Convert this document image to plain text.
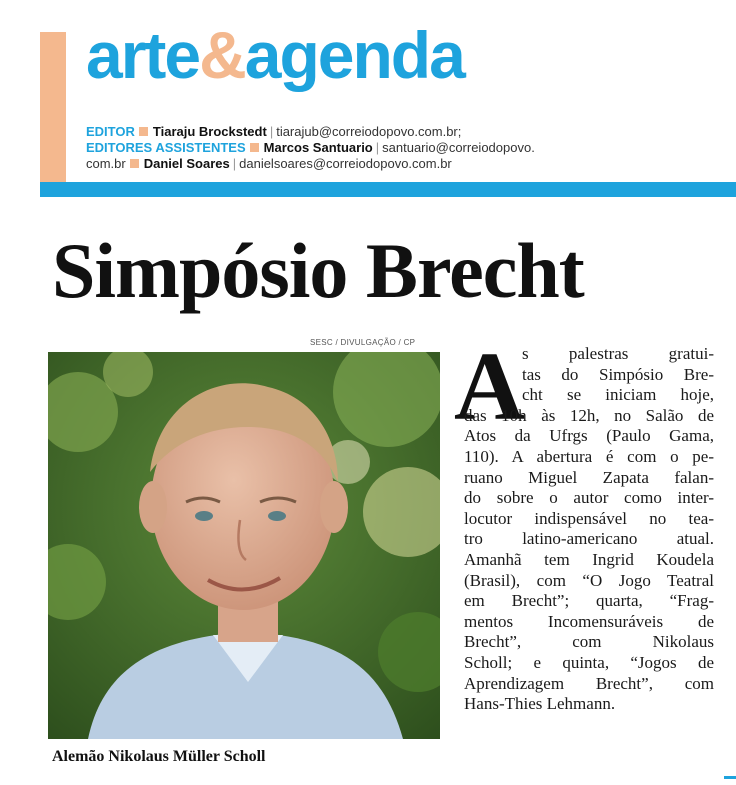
arte&agenda
EDITOR Tiaraju Brockstedt | tiarajub@correiodopovo.com.br;
EDITORES ASSISTENTES Marcos Santuario | santuario@correiodopovo.
com.br Daniel Soares | danielsoares@correiodopovo.com.br
Simpósio Brecht
SESC / DIVULGAÇÃO / CP
Alemão Nikolaus Müller Scholl
A
s palestras gratui-
tas do Simpósio Bre-
cht se iniciam hoje,
das 10h às 12h, no Salão de
Atos da Ufrgs (Paulo Gama,
110). A abertura é com o pe-
ruano Miguel Zapata falan-
do sobre o autor como inter-
locutor indispensável no tea-
tro latino-americano atual.
Amanhã tem Ingrid Koudela
(Brasil), com “O Jogo Teatral
em Brecht”; quarta, “Frag-
mentos Incomensuráveis de
Brecht”, com Nikolaus
Scholl; e quinta, “Jogos de
Aprendizagem Brecht”, com
Hans-Thies Lehmann.
